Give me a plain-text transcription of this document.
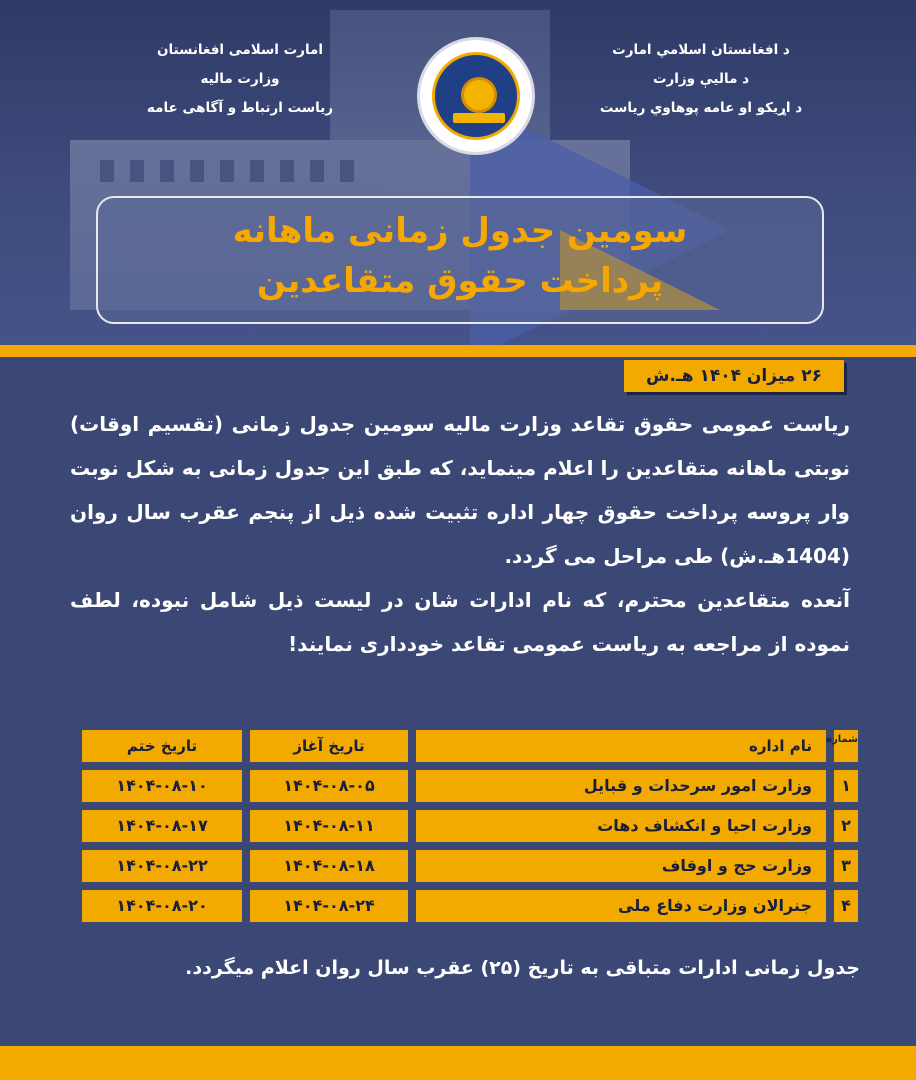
د افغانستان اسلامي امارت
د ماليې وزارت
د اړيکو او عامه پوهاوي رياست
امارت اسلامی افغانستان
وزارت مالیه
ریاست ارتباط و آگاهی عامه
سومین جدول زمانی ماهانه
پرداخت حقوق متقاعدین
۲۶ میزان ۱۴۰۴ هـ.ش

ریاست عمومی حقوق تقاعد وزارت مالیه سومین جدول زمانی (تقسیم اوقات) نوبتی ماهانه متقاعدین را اعلام مینماید، که طبق این جدول زمانی به شکل نوبت وار پروسه پرداخت حقوق چهار اداره تثبیت شده ذیل از پنجم عقرب سال روان (1404هـ.ش) طی مراحل می گردد.

آنعده متقاعدین محترم، که نام ادارات شان در لیست ذیل شامل نبوده، لطف نموده از مراجعه به ریاست عمومی تقاعد خودداری نمایند!

شماره
نام اداره
تاریخ آغاز
تاریخ ختم
۱
وزارت امور سرحدات و قبایل
۱۴۰۴-۰۸-۰۵
۱۴۰۴-۰۸-۱۰
۲
وزارت احیا و انکشاف دهات
۱۴۰۴-۰۸-۱۱
۱۴۰۴-۰۸-۱۷
۳
وزارت حج و اوقاف
۱۴۰۴-۰۸-۱۸
۱۴۰۴-۰۸-۲۲
۴
جنرالان وزارت دفاع ملی
۱۴۰۴-۰۸-۲۴
۱۴۰۴-۰۸-۲۰
جدول زمانی ادارات متباقی به تاریخ (۲۵) عقرب سال روان اعلام میگردد.
